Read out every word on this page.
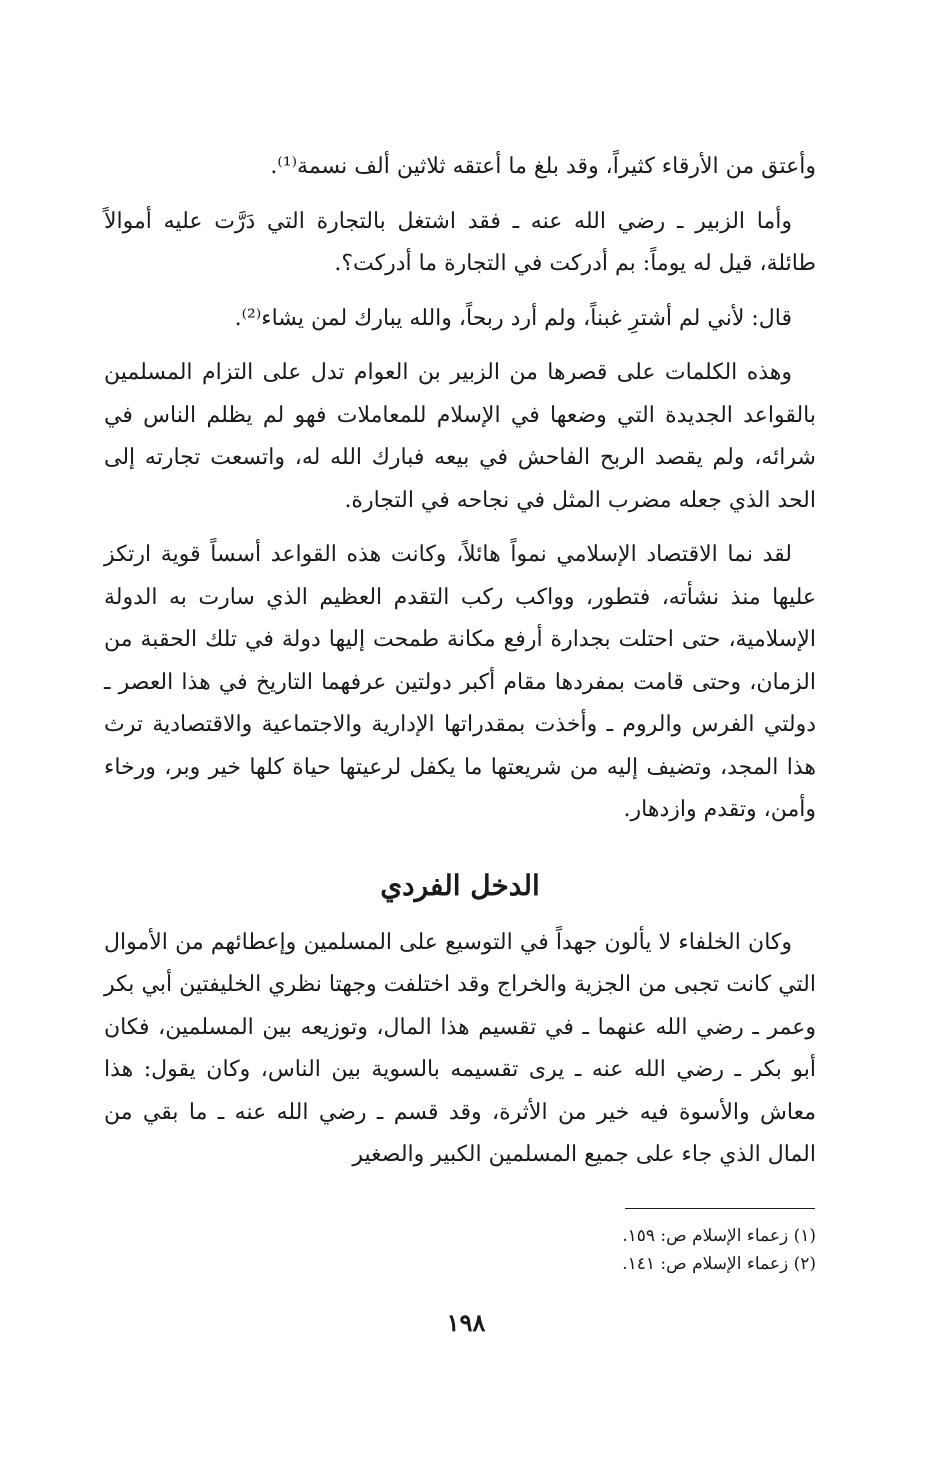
وأعتق من الأرقاء كثيراً، وقد بلغ ما أعتقه ثلاثين ألف نسمة⁽¹⁾.

وأما الزبير ـ رضي الله عنه ـ فقد اشتغل بالتجارة التي دَرَّت عليه أموالاً طائلة، قيل له يوماً: بم أدركت في التجارة ما أدركت؟.

قال: لأني لم أشترِ غبناً، ولم أرد ربحاً، والله يبارك لمن يشاء⁽²⁾.

وهذه الكلمات على قصرها من الزبير بن العوام تدل على التزام المسلمين بالقواعد الجديدة التي وضعها في الإسلام للمعاملات فهو لم يظلم الناس في شرائه، ولم يقصد الربح الفاحش في بيعه فبارك الله له، واتسعت تجارته إلى الحد الذي جعله مضرب المثل في نجاحه في التجارة.

لقد نما الاقتصاد الإسلامي نمواً هائلاً، وكانت هذه القواعد أسساً قوية ارتكز عليها منذ نشأته، فتطور، وواكب ركب التقدم العظيم الذي سارت به الدولة الإسلامية، حتى احتلت بجدارة أرفع مكانة طمحت إليها دولة في تلك الحقبة من الزمان، وحتى قامت بمفردها مقام أكبر دولتين عرفهما التاريخ في هذا العصر ـ دولتي الفرس والروم ـ وأخذت بمقدراتها الإدارية والاجتماعية والاقتصادية ترث هذا المجد، وتضيف إليه من شريعتها ما يكفل لرعيتها حياة كلها خير وبر، ورخاء وأمن، وتقدم وازدهار.

الدخل الفردي

وكان الخلفاء لا يألون جهداً في التوسيع على المسلمين وإعطائهم من الأموال التي كانت تجبى من الجزية والخراج وقد اختلفت وجهتا نظري الخليفتين أبي بكر وعمر ـ رضي الله عنهما ـ في تقسيم هذا المال، وتوزيعه بين المسلمين، فكان أبو بكر ـ رضي الله عنه ـ يرى تقسيمه بالسوية بين الناس، وكان يقول: هذا معاش والأسوة فيه خير من الأثرة، وقد قسم ـ رضي الله عنه ـ ما بقي من المال الذي جاء على جميع المسلمين الكبير والصغير

(١) زعماء الإسلام ص: ١٥٩.

(٢) زعماء الإسلام ص: ١٤١.

١٩٨
